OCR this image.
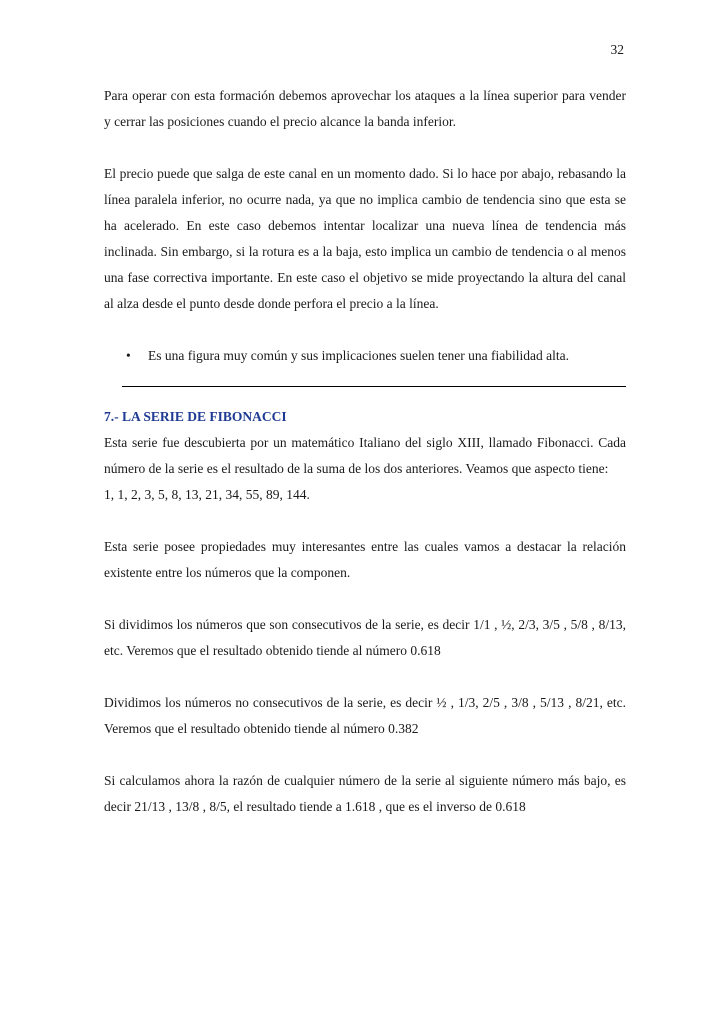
32

Para operar con esta formación debemos aprovechar los ataques a la línea superior para vender y cerrar las posiciones cuando el precio alcance la banda inferior.

El precio puede que salga de este canal en un momento dado. Si lo hace por abajo, rebasando la línea paralela inferior, no ocurre nada, ya que no implica cambio de tendencia sino que esta se ha acelerado. En este caso debemos intentar localizar una nueva línea de tendencia más inclinada. Sin embargo, si la rotura es a la baja, esto implica un cambio de tendencia o al menos una fase correctiva importante. En este caso el objetivo se mide proyectando la altura del canal al alza desde el punto desde donde perfora el precio a la línea.

• Es una figura muy común y sus implicaciones suelen tener una fiabilidad alta.
7.- LA SERIE DE FIBONACCI

Esta serie fue descubierta por un matemático Italiano del siglo XIII, llamado Fibonacci. Cada número de la serie es el resultado de la suma de los dos anteriores. Veamos que aspecto tiene:

1, 1, 2, 3, 5, 8, 13, 21, 34, 55, 89, 144.

Esta serie posee propiedades muy interesantes entre las cuales vamos a destacar la relación existente entre los números que la componen.

Si dividimos los números que son consecutivos de la serie, es decir 1/1 , ½, 2/3, 3/5 , 5/8 , 8/13, etc. Veremos que el resultado obtenido tiende al número 0.618

Dividimos los números no consecutivos de la serie, es decir ½ , 1/3, 2/5 , 3/8 , 5/13 , 8/21, etc. Veremos que el resultado obtenido tiende al número 0.382

Si calculamos ahora la razón de cualquier número de la serie al siguiente número más bajo, es decir 21/13 , 13/8 , 8/5, el resultado tiende a 1.618 , que es el inverso de 0.618
